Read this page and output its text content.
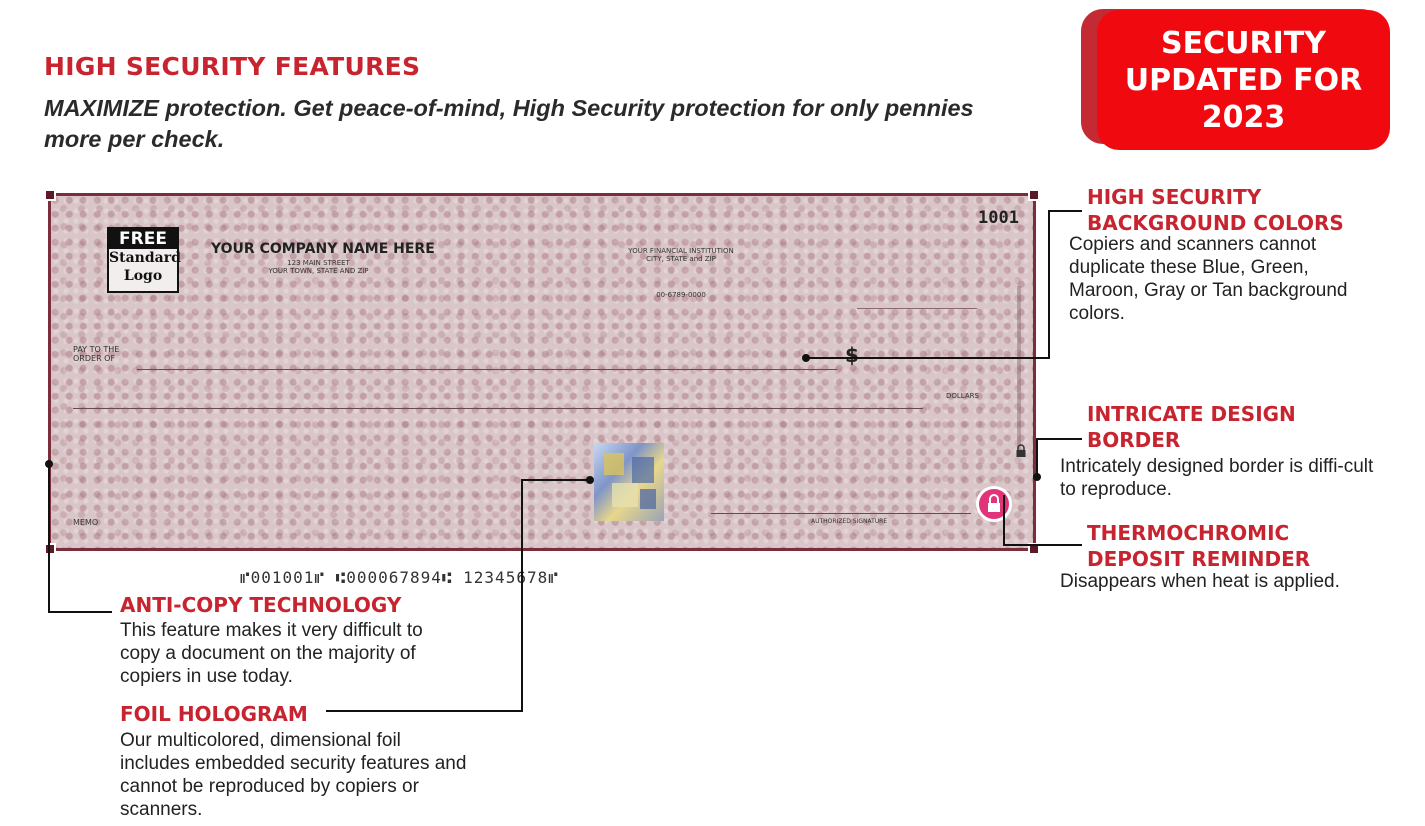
HIGH SECURITY FEATURES
MAXIMIZE protection. Get peace-of-mind, High Security protection for only pennies more per check.
SECURITY
UPDATED FOR
2023
1001
FREE
Standard
Logo
YOUR COMPANY NAME HERE
123 MAIN STREET
YOUR TOWN, STATE AND ZIP
YOUR FINANCIAL INSTITUTION
CITY, STATE and ZIP
00-6789-0000
PAY TO THE
ORDER OF	$
DOLLARS
MEMO	AUTHORIZED SIGNATURE
⑈001001⑈ ⑆000067894⑆ 12345678⑈
HIGH SECURITY
BACKGROUND COLORS
Copiers and scanners cannot duplicate these Blue, Green, Maroon, Gray or Tan background colors.
INTRICATE DESIGN
BORDER
Intricately designed border is diffi-cult to reproduce.
THERMOCHROMIC
DEPOSIT REMINDER
Disappears when heat is applied.
ANTI-COPY TECHNOLOGY
This feature makes it very difficult to copy a document on the majority of copiers in use today.
FOIL HOLOGRAM
Our multicolored, dimensional foil includes embedded security features and cannot be reproduced by copiers or scanners.
